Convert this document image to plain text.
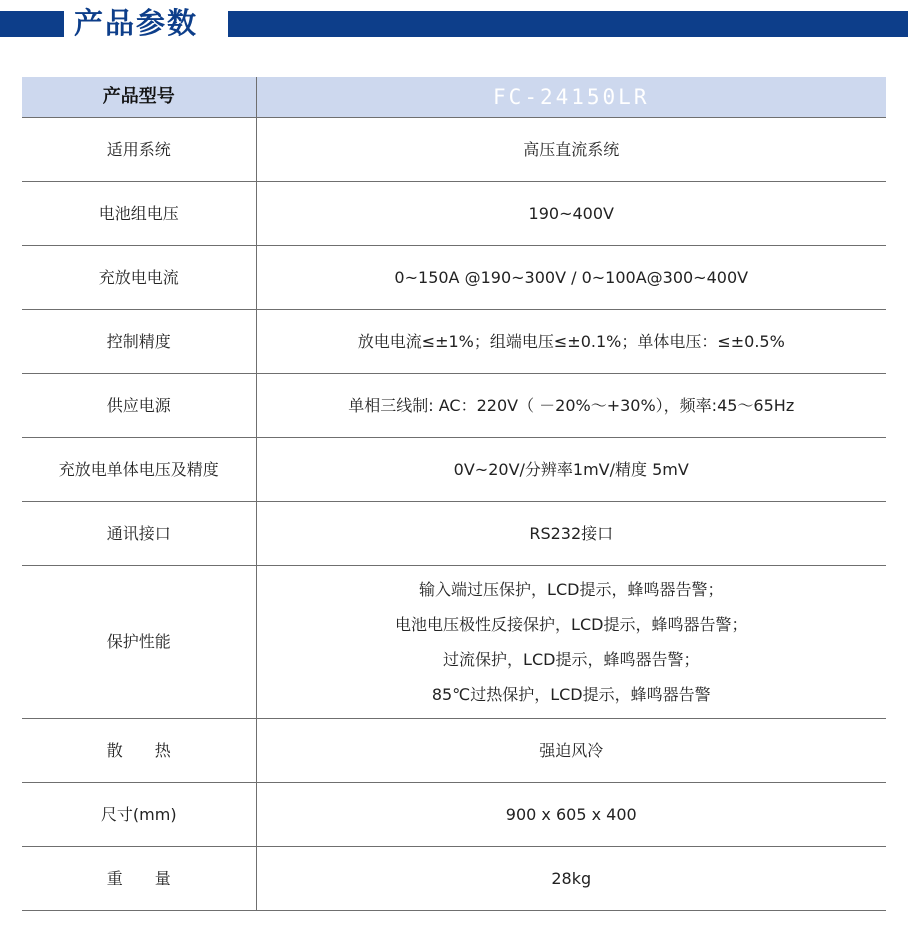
产品参数
产品型号	FC-24150LR
适用系统	高压直流系统
电池组电压	190~400V
充放电电流	0~150A @190~300V / 0~100A@300~400V
控制精度	放电电流≤±1%；组端电压≤±0.1%；单体电压：≤±0.5%
供应电源	单相三线制: AC：220V（ －20%～+30%），频率:45～65Hz
充放电单体电压及精度	0V~20V/分辨率1mV/精度 5mV
通讯接口	RS232接口
保护性能	输入端过压保护，LCD提示，蜂鸣器告警；
电池电压极性反接保护，LCD提示，蜂鸣器告警；
过流保护，LCD提示，蜂鸣器告警；
85℃过热保护，LCD提示，蜂鸣器告警

散　　热	强迫风冷
尺寸(mm)	900 x 605 x 400
重　　量	28kg
